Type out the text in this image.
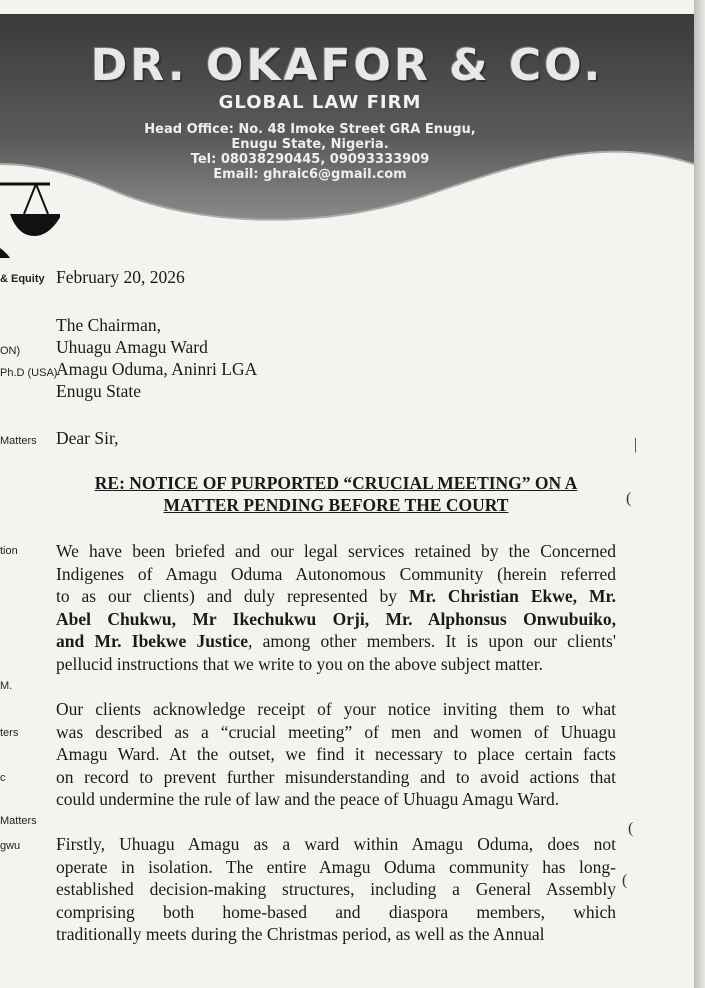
DR. OKAFOR & CO.
GLOBAL LAW FIRM
Head Office: No. 48 Imoke Street GRA Enugu,
Enugu State, Nigeria.
Tel: 08038290445, 09093333909
Email: ghraic6@gmail.com
& Equity
ON)
Ph.D (USA)
Matters
tion
M.
ters
c
Matters
gwu
February 20, 2026
The Chairman,
Uhuagu Amagu Ward
Amagu Oduma, Aninri LGA
Enugu State
Dear Sir,
RE: NOTICE OF PURPORTED “CRUCIAL MEETING” ON A
MATTER PENDING BEFORE THE COURT
We have been briefed and our legal services retained by the Concerned
Indigenes of Amagu Oduma Autonomous Community (herein referred
to as our clients) and duly represented by Mr. Christian Ekwe, Mr.
Abel Chukwu, Mr Ikechukwu Orji, Mr. Alphonsus Onwubuiko,
and Mr. Ibekwe Justice, among other members. It is upon our clients'
pellucid instructions that we write to you on the above subject matter.
Our clients acknowledge receipt of your notice inviting them to what
was described as a “crucial meeting” of men and women of Uhuagu
Amagu Ward. At the outset, we find it necessary to place certain facts
on record to prevent further misunderstanding and to avoid actions that
could undermine the rule of law and the peace of Uhuagu Amagu Ward.
Firstly, Uhuagu Amagu as a ward within Amagu Oduma, does not
operate in isolation. The entire Amagu Oduma community has long-
established decision-making structures, including a General Assembly
comprising both home-based and diaspora members, which
traditionally meets during the Christmas period, as well as the Annual
|
(
(
(
